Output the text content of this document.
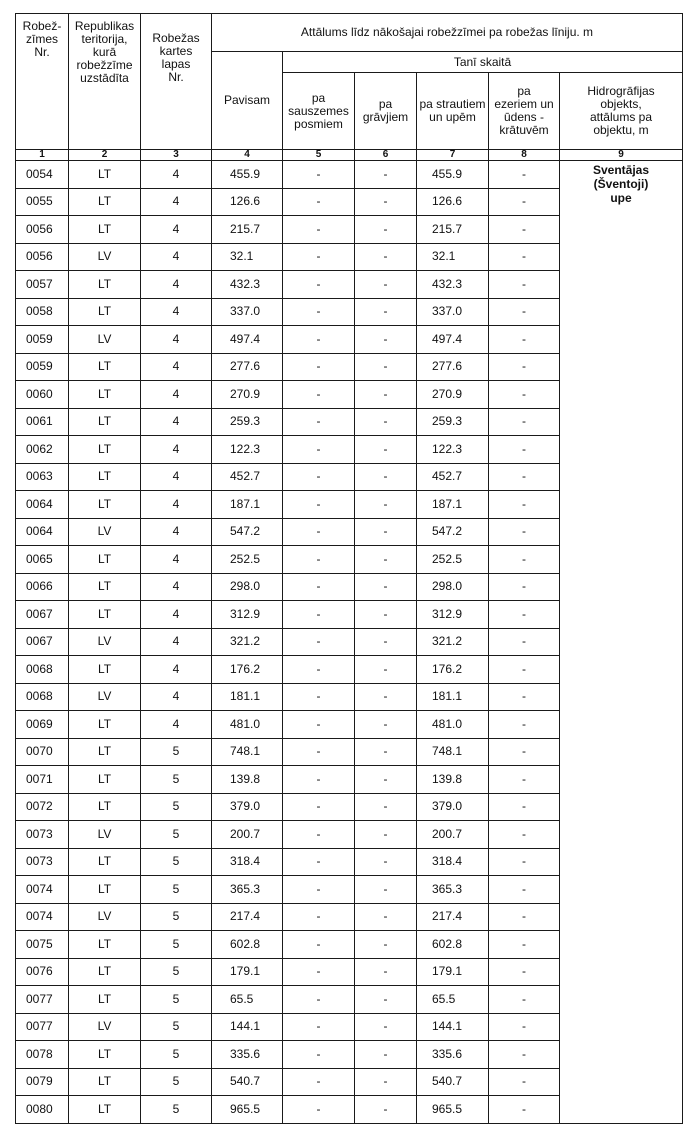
Robež-
zīmes
Nr.	Republikas
teritorija,
kurā
robežzīme
uzstādīta	Robežas
kartes
lapas
Nr.	Attālums līdz nākošajai robežzīmei pa robežas līniju. m					
			Pavisam	Tanī skaitā				
				pa
sauszemes
posmiem	pa
grāvjiem	pa strautiem
un upēm	pa
ezeriem un
ūdens -
krātuvēm	Hidrogrāfijas
objekts,
attālums pa
objektu, m
1	2	3	4	5	6	7	8	9
0054	LT	4	455.9	-	-	455.9	-	Sventājas
(Šventoji)
upe

0055	LT	4	126.6	-	-	126.6	-	
0056	LT	4	215.7	-	-	215.7	-	
0056	LV	4	32.1	-	-	32.1	-	
0057	LT	4	432.3	-	-	432.3	-	
0058	LT	4	337.0	-	-	337.0	-	
0059	LV	4	497.4	-	-	497.4	-	
0059	LT	4	277.6	-	-	277.6	-	
0060	LT	4	270.9	-	-	270.9	-	
0061	LT	4	259.3	-	-	259.3	-	
0062	LT	4	122.3	-	-	122.3	-	
0063	LT	4	452.7	-	-	452.7	-	
0064	LT	4	187.1	-	-	187.1	-	
0064	LV	4	547.2	-	-	547.2	-	
0065	LT	4	252.5	-	-	252.5	-	
0066	LT	4	298.0	-	-	298.0	-	
0067	LT	4	312.9	-	-	312.9	-	
0067	LV	4	321.2	-	-	321.2	-	
0068	LT	4	176.2	-	-	176.2	-	
0068	LV	4	181.1	-	-	181.1	-	
0069	LT	4	481.0	-	-	481.0	-	
0070	LT	5	748.1	-	-	748.1	-	
0071	LT	5	139.8	-	-	139.8	-	
0072	LT	5	379.0	-	-	379.0	-	
0073	LV	5	200.7	-	-	200.7	-	
0073	LT	5	318.4	-	-	318.4	-	
0074	LT	5	365.3	-	-	365.3	-	
0074	LV	5	217.4	-	-	217.4	-	
0075	LT	5	602.8	-	-	602.8	-	
0076	LT	5	179.1	-	-	179.1	-	
0077	LT	5	65.5	-	-	65.5	-	
0077	LV	5	144.1	-	-	144.1	-	
0078	LT	5	335.6	-	-	335.6	-	
0079	LT	5	540.7	-	-	540.7	-	
0080	LT	5	965.5	-	-	965.5	-	
